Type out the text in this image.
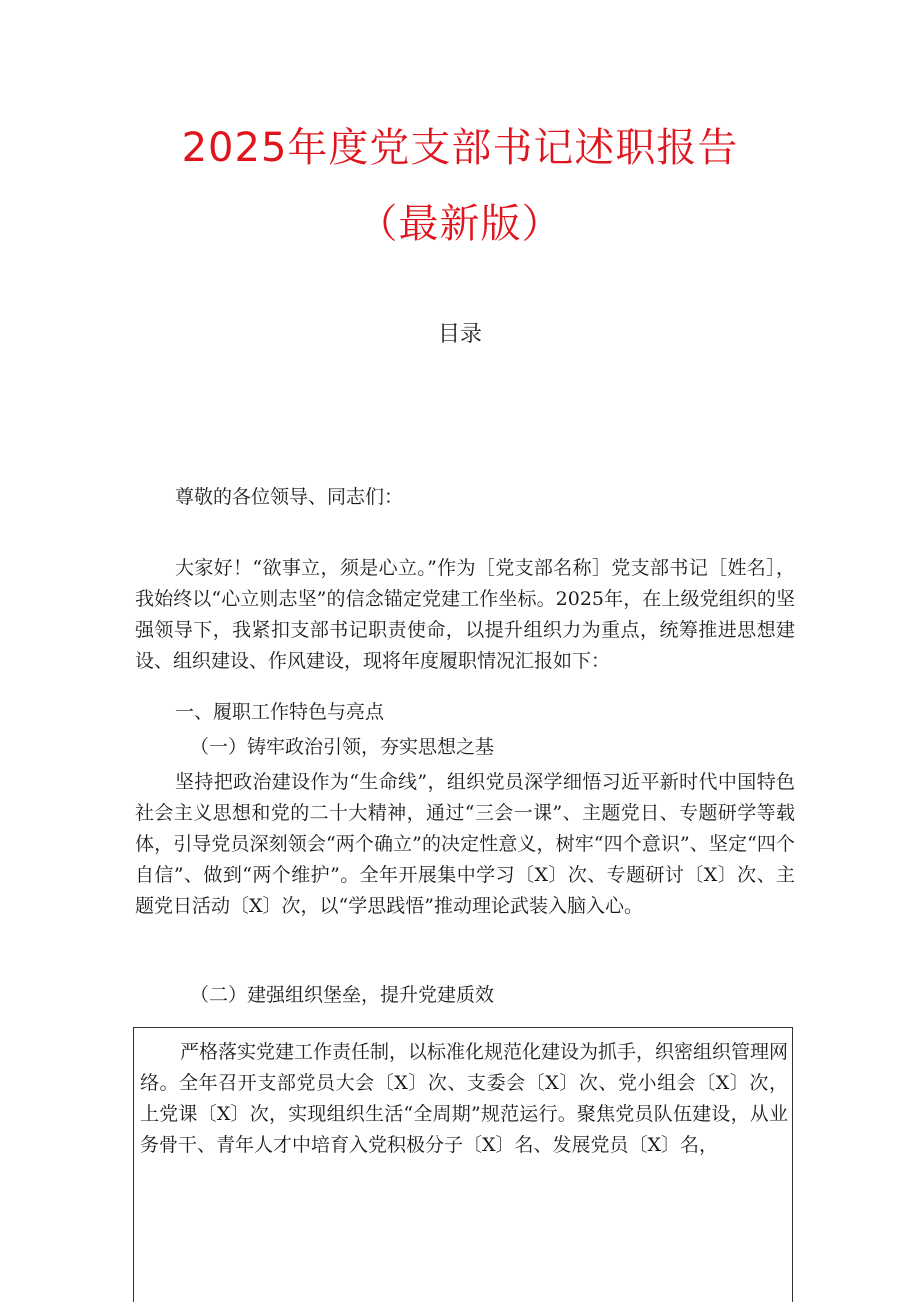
2025年度党支部书记述职报告
（最新版）
目录
尊敬的各位领导、同志们：
大家好！“欲事立，须是心立。”作为［党支部名称］党支部书记［姓名］，我始终以“心立则志坚”的信念锚定党建工作坐标。2025年，在上级党组织的坚强领导下，我紧扣支部书记职责使命，以提升组织力为重点，统筹推进思想建设、组织建设、作风建设，现将年度履职情况汇报如下：
一、履职工作特色与亮点
（一）铸牢政治引领，夯实思想之基
坚持把政治建设作为“生命线”，组织党员深学细悟习近平新时代中国特色社会主义思想和党的二十大精神，通过“三会一课”、主题党日、专题研学等载体，引导党员深刻领会“两个确立”的决定性意义，树牢“四个意识”、坚定“四个自信”、做到“两个维护”。全年开展集中学习〔X〕次、专题研讨〔X〕次、主题党日活动〔X〕次，以“学思践悟”推动理论武装入脑入心。
（二）建强组织堡垒，提升党建质效
严格落实党建工作责任制，以标准化规范化建设为抓手，织密组织管理网络。全年召开支部党员大会〔X〕次、支委会〔X〕次、党小组会〔X〕次，上党课〔X〕次，实现组织生活“全周期”规范运行。聚焦党员队伍建设，从业务骨干、青年人才中培育入党积极分子〔X〕名、发展党员〔X〕名，
